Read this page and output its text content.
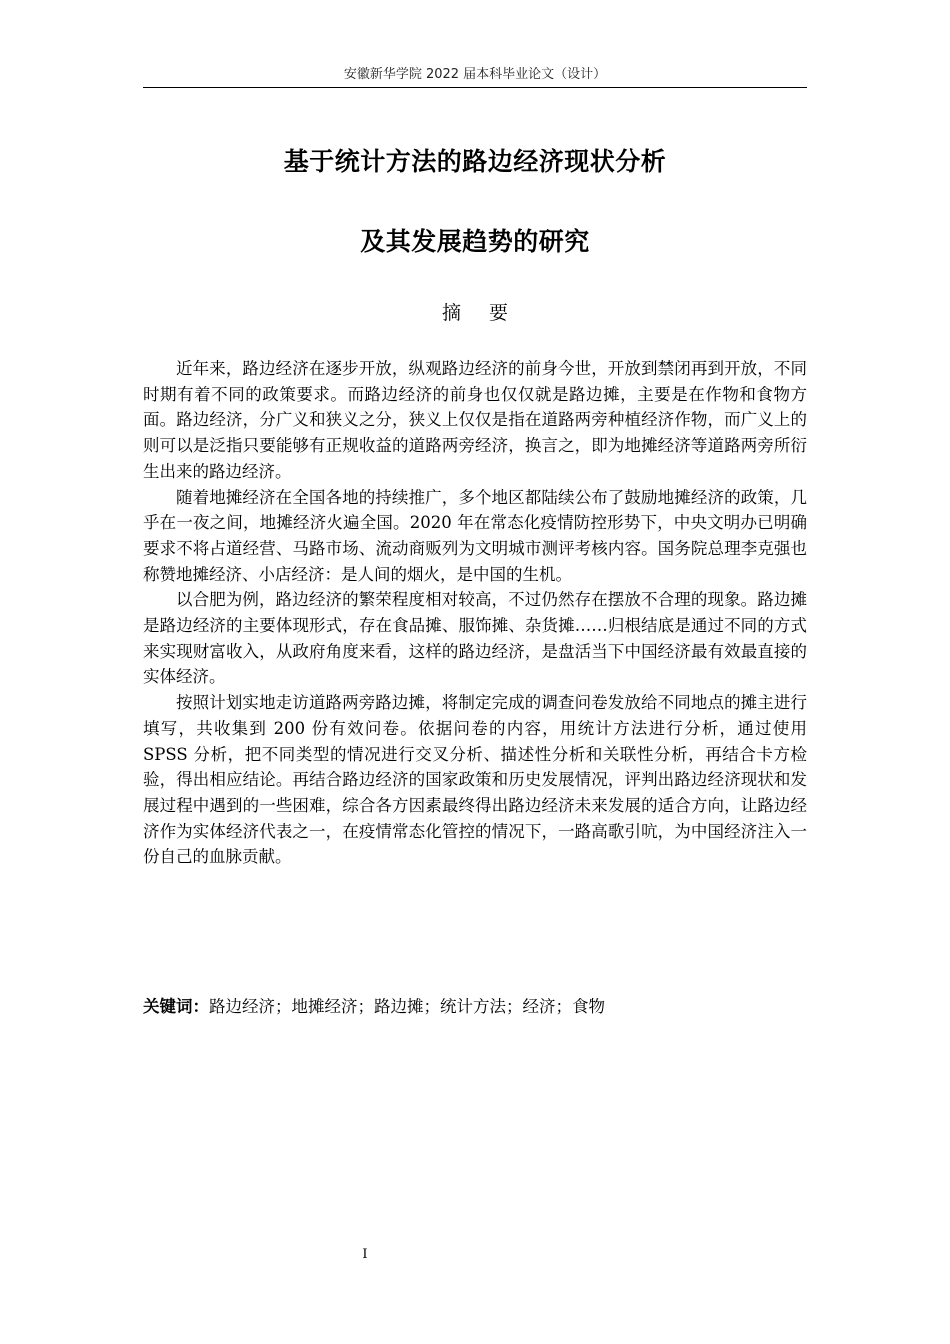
安徽新华学院 2022 届本科毕业论文（设计）
基于统计方法的路边经济现状分析
及其发展趋势的研究
摘要

近年来，路边经济在逐步开放，纵观路边经济的前身今世，开放到禁闭再到开放，不同时期有着不同的政策要求。而路边经济的前身也仅仅就是路边摊，主要是在作物和食物方面。路边经济，分广义和狭义之分，狭义上仅仅是指在道路两旁种植经济作物，而广义上的则可以是泛指只要能够有正规收益的道路两旁经济，换言之，即为地摊经济等道路两旁所衍生出来的路边经济。

随着地摊经济在全国各地的持续推广，多个地区都陆续公布了鼓励地摊经济的政策，几乎在一夜之间，地摊经济火遍全国。2020 年在常态化疫情防控形势下，中央文明办已明确要求不将占道经营、马路市场、流动商贩列为文明城市测评考核内容。国务院总理李克强也称赞地摊经济、小店经济：是人间的烟火，是中国的生机。

以合肥为例，路边经济的繁荣程度相对较高，不过仍然存在摆放不合理的现象。路边摊是路边经济的主要体现形式，存在食品摊、服饰摊、杂货摊……归根结底是通过不同的方式来实现财富收入，从政府角度来看，这样的路边经济，是盘活当下中国经济最有效最直接的实体经济。

按照计划实地走访道路两旁路边摊，将制定完成的调查问卷发放给不同地点的摊主进行填写，共收集到 200 份有效问卷。依据问卷的内容，用统计方法进行分析，通过使用 SPSS 分析，把不同类型的情况进行交叉分析、描述性分析和关联性分析，再结合卡方检验，得出相应结论。再结合路边经济的国家政策和历史发展情况，评判出路边经济现状和发展过程中遇到的一些困难，综合各方因素最终得出路边经济未来发展的适合方向，让路边经济作为实体经济代表之一，在疫情常态化管控的情况下，一路高歌引吭，为中国经济注入一份自己的血脉贡献。

关键词：路边经济；地摊经济；路边摊；统计方法；经济；食物
I
